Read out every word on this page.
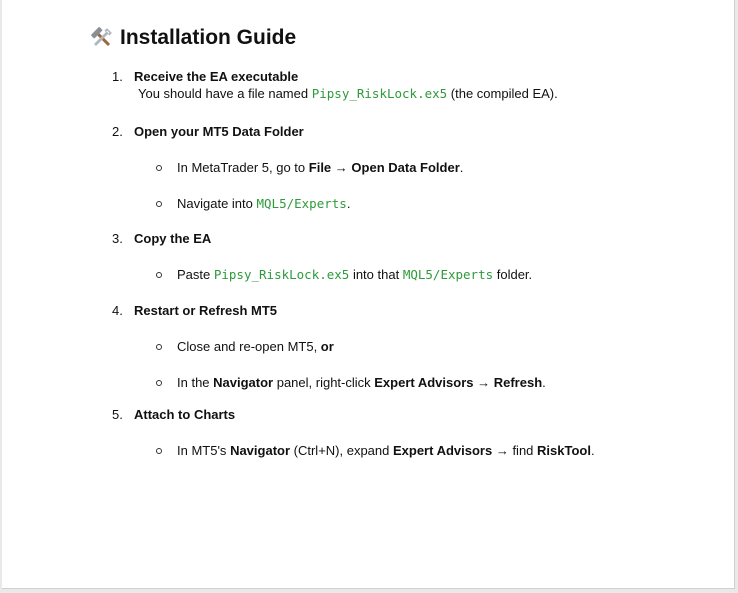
Installation Guide
1. Receive the EA executable
You should have a file named Pipsy_RiskLock.ex5 (the compiled EA).
2. Open your MT5 Data Folder
In MetaTrader 5, go to File → Open Data Folder.
Navigate into MQL5/Experts.
3. Copy the EA
Paste Pipsy_RiskLock.ex5 into that MQL5/Experts folder.
4. Restart or Refresh MT5
Close and re-open MT5, or
In the Navigator panel, right-click Expert Advisors → Refresh.
5. Attach to Charts
In MT5's Navigator (Ctrl+N), expand Expert Advisors → find RiskTool.
